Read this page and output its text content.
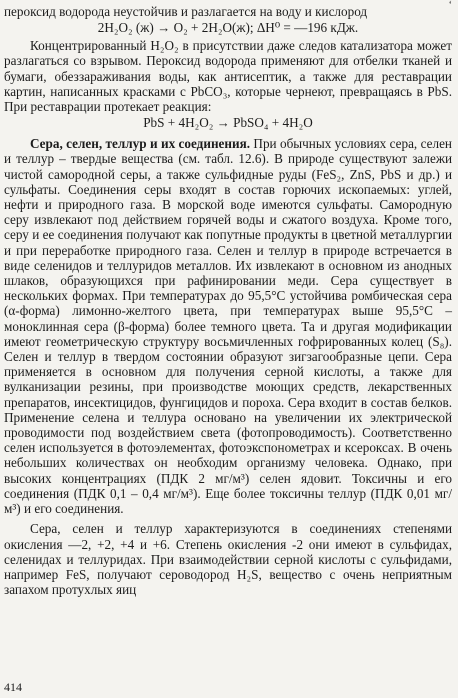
‘

пероксид водорода неустойчив и разлагается на воду и кислород

2H₂O₂ (ж) → O₂ + 2H₂O(ж); ΔH⁰ = —196 кДж.

Концентрированный H₂O₂ в присутствии даже следов катализатора может разлагаться со взрывом. Пероксид водорода применяют для отбелки тканей и бумаги, обеззараживания воды, как антисептик, а также для реставрации картин, написанных красками с PbCO₃, которые чернеют, превращаясь в PbS. При реставрации протекает реакция:

PbS + 4H₂O₂ → PbSO₄ + 4H₂O

Сера, селен, теллур и их соединения. При обычных условиях сера, селен и теллур – твердые вещества (см. табл. 12.6). В природе существуют залежи чистой самородной серы, а также сульфидные руды (FeS₂, ZnS, PbS и др.) и сульфаты. Соединения серы входят в состав горючих ископаемых: углей, нефти и природного газа. В морской воде имеются сульфаты. Самородную серу извлекают под действием горячей воды и сжатого воздуха. Кроме того, серу и ее соединения получают как попутные продукты в цветной металлургии и при переработке природного газа. Селен и теллур в природе встречается в виде селенидов и теллуридов металлов. Их извлекают в основном из анодных шлаков, образующихся при рафинировании меди. Сера существует в нескольких формах. При температурах до 95,5°С устойчива ромбическая сера (α-форма) лимонно-желтого цвета, при температурах выше 95,5°С – моноклинная сера (β-форма) более темного цвета. Та и другая модификации имеют геометрическую структуру восьмичленных гофрированных колец (S₈). Селен и теллур в твердом состоянии образуют зигзагообразные цепи. Сера применяется в основном для получения серной кислоты, а также для вулканизации резины, при производстве моющих средств, лекарственных препаратов, инсектицидов, фунгицидов и пороха. Сера входит в состав белков. Применение селена и теллура основано на увеличении их электрической проводимости под воздействием света (фотопроводимость). Соответственно селен используется в фотоэлементах, фотоэкспонометрах и ксероксах. В очень небольших количествах он необходим организму человека. Однако, при высоких концентрациях (ПДК 2 мг/м³) селен ядовит. Токсичны и его соединения (ПДК 0,1 – 0,4 мг/м³). Еще более токсичны теллур (ПДК 0,01 мг/м³) и его соединения.

Сера, селен и теллур характеризуются в соединениях степенями окисления —2, +2, +4 и +6. Степень окисления -2 они имеют в сульфидах, селенидах и теллуридах. При взаимодействии серной кислоты с сульфидами, например FeS, получают сероводород H₂S, вещество с очень неприятным запахом протухлых яиц

414
